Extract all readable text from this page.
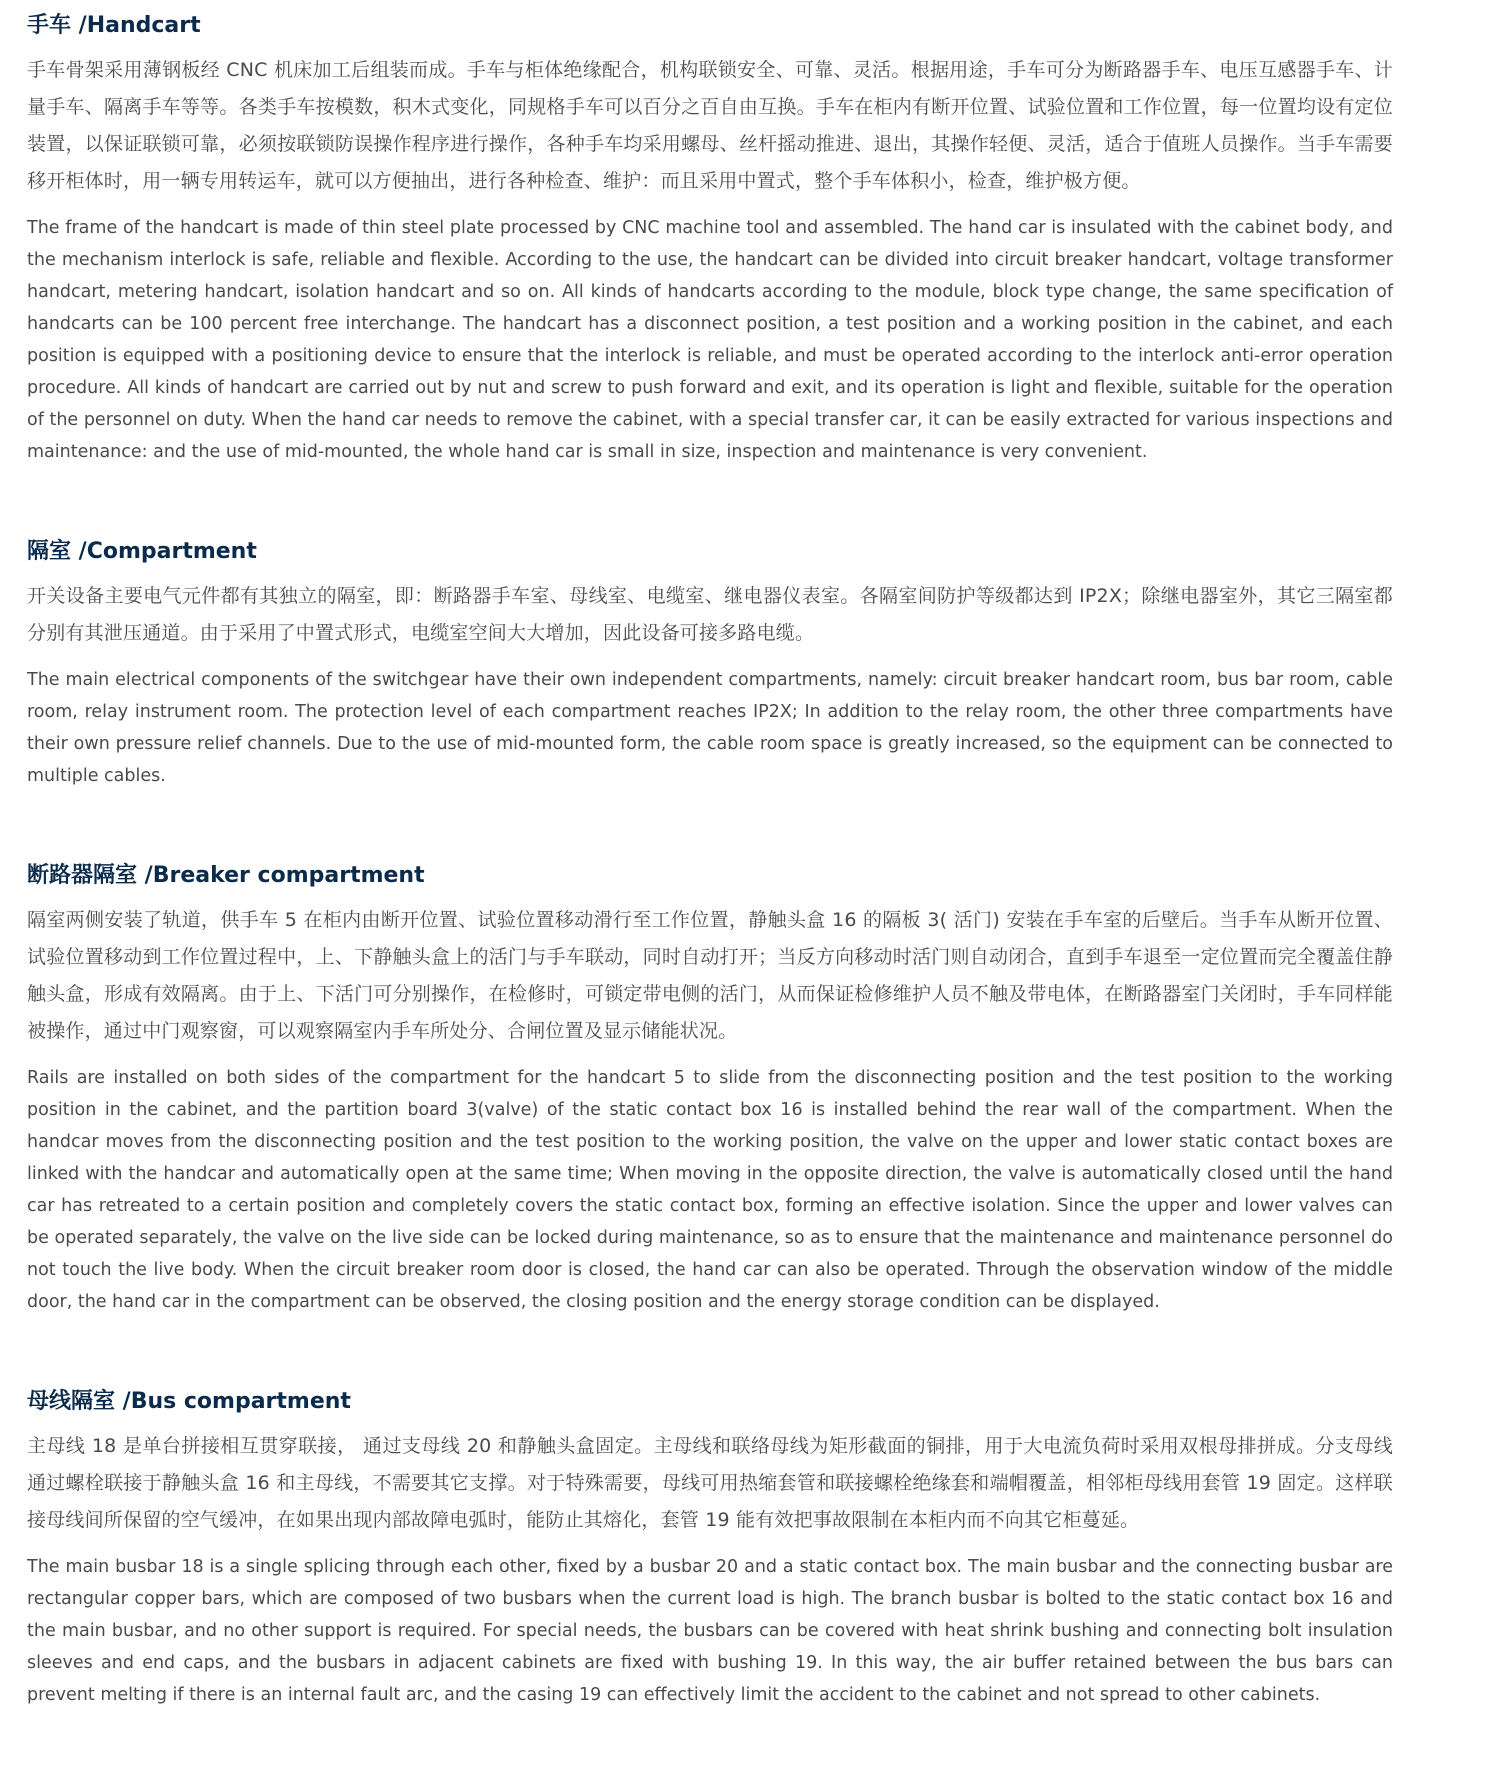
手车 /Handcart

手车骨架采用薄钢板经 CNC 机床加工后组装而成。手车与柜体绝缘配合，机构联锁安全、可靠、灵活。根据用途，手车可分为断路器手车、电压互感器手车、计量手车、隔离手车等等。各类手车按模数，积木式变化，同规格手车可以百分之百自由互换。手车在柜内有断开位置、试验位置和工作位置，每一位置均设有定位装置，以保证联锁可靠，必须按联锁防误操作程序进行操作，各种手车均采用螺母、丝杆摇动推进、退出，其操作轻便、灵活，适合于值班人员操作。当手车需要移开柜体时，用一辆专用转运车，就可以方便抽出，进行各种检查、维护：而且采用中置式，整个手车体积小，检查，维护极方便。

The frame of the handcart is made of thin steel plate processed by CNC machine tool and assembled. The hand car is insulated with the cabinet body, and the mechanism interlock is safe, reliable and flexible. According to the use, the handcart can be divided into circuit breaker handcart, voltage transformer handcart, metering handcart, isolation handcart and so on. All kinds of handcarts according to the module, block type change, the same specification of handcarts can be 100 percent free interchange. The handcart has a disconnect position, a test position and a working position in the cabinet, and each position is equipped with a positioning device to ensure that the interlock is reliable, and must be operated according to the interlock anti-error operation procedure. All kinds of handcart are carried out by nut and screw to push forward and exit, and its operation is light and flexible, suitable for the operation of the personnel on duty. When the hand car needs to remove the cabinet, with a special transfer car, it can be easily extracted for various inspections and maintenance: and the use of mid-mounted, the whole hand car is small in size, inspection and maintenance is very convenient.

隔室 /Compartment

开关设备主要电气元件都有其独立的隔室，即：断路器手车室、母线室、电缆室、继电器仪表室。各隔室间防护等级都达到 IP2X；除继电器室外，其它三隔室都分别有其泄压通道。由于采用了中置式形式，电缆室空间大大增加，因此设备可接多路电缆。

The main electrical components of the switchgear have their own independent compartments, namely: circuit breaker handcart room, bus bar room, cable room, relay instrument room. The protection level of each compartment reaches IP2X; In addition to the relay room, the other three compartments have their own pressure relief channels. Due to the use of mid-mounted form, the cable room space is greatly increased, so the equipment can be connected to multiple cables.

断路器隔室 /Breaker compartment

隔室两侧安装了轨道，供手车 5 在柜内由断开位置、试验位置移动滑行至工作位置，静触头盒 16 的隔板 3( 活门) 安装在手车室的后壁后。当手车从断开位置、试验位置移动到工作位置过程中，上、下静触头盒上的活门与手车联动，同时自动打开；当反方向移动时活门则自动闭合，直到手车退至一定位置而完全覆盖住静触头盒，形成有效隔离。由于上、下活门可分别操作，在检修时，可锁定带电侧的活门，从而保证检修维护人员不触及带电体，在断路器室门关闭时，手车同样能被操作，通过中门观察窗，可以观察隔室内手车所处分、合闸位置及显示储能状况。

Rails are installed on both sides of the compartment for the handcart 5 to slide from the disconnecting position and the test position to the working position in the cabinet, and the partition board 3(valve) of the static contact box 16 is installed behind the rear wall of the compartment. When the handcar moves from the disconnecting position and the test position to the working position, the valve on the upper and lower static contact boxes are linked with the handcar and automatically open at the same time; When moving in the opposite direction, the valve is automatically closed until the hand car has retreated to a certain position and completely covers the static contact box, forming an effective isolation. Since the upper and lower valves can be operated separately, the valve on the live side can be locked during maintenance, so as to ensure that the maintenance and maintenance personnel do not touch the live body. When the circuit breaker room door is closed, the hand car can also be operated. Through the observation window of the middle door, the hand car in the compartment can be observed, the closing position and the energy storage condition can be displayed.

母线隔室 /Bus compartment

主母线 18 是单台拼接相互贯穿联接， 通过支母线 20 和静触头盒固定。主母线和联络母线为矩形截面的铜排，用于大电流负荷时采用双根母排拼成。分支母线通过螺栓联接于静触头盒 16 和主母线，不需要其它支撑。对于特殊需要，母线可用热缩套管和联接螺栓绝缘套和端帽覆盖，相邻柜母线用套管 19 固定。这样联接母线间所保留的空气缓冲，在如果出现内部故障电弧时，能防止其熔化，套管 19 能有效把事故限制在本柜内而不向其它柜蔓延。

The main busbar 18 is a single splicing through each other, fixed by a busbar 20 and a static contact box. The main busbar and the connecting busbar are rectangular copper bars, which are composed of two busbars when the current load is high. The branch busbar is bolted to the static contact box 16 and the main busbar, and no other support is required. For special needs, the busbars can be covered with heat shrink bushing and connecting bolt insulation sleeves and end caps, and the busbars in adjacent cabinets are fixed with bushing 19. In this way, the air buffer retained between the bus bars can prevent melting if there is an internal fault arc, and the casing 19 can effectively limit the accident to the cabinet and not spread to other cabinets.
